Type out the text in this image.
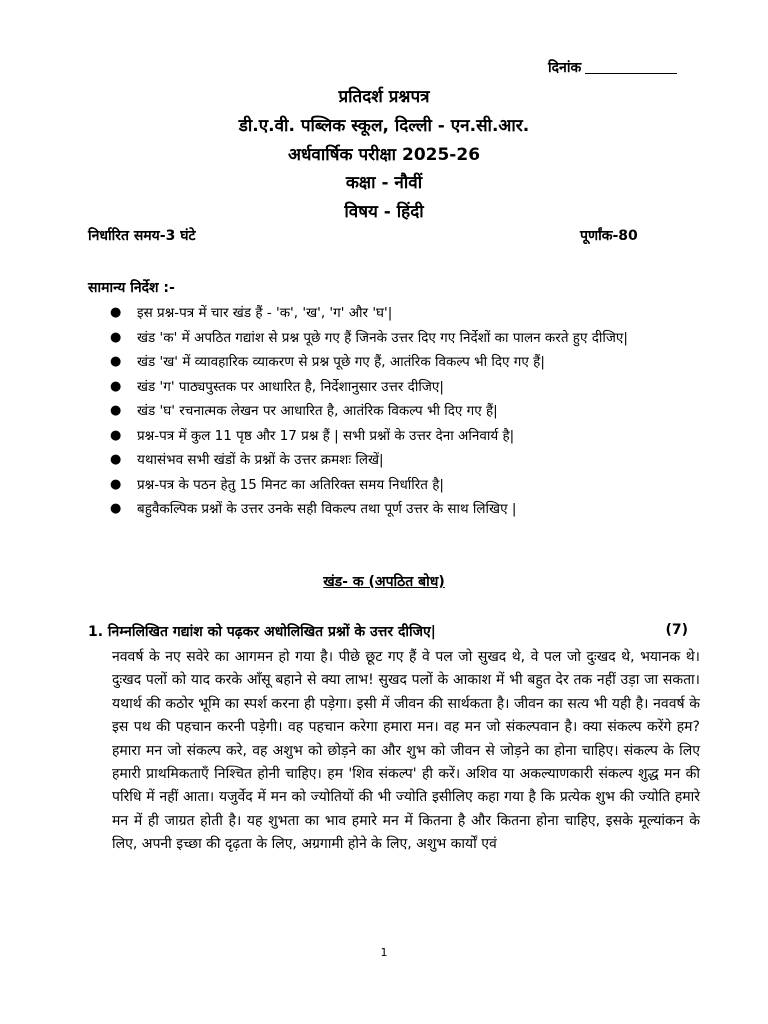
दिनांक
प्रतिदर्श प्रश्नपत्र
डी.ए.वी. पब्लिक स्कूल, दिल्ली - एन.सी.आर.
अर्धवार्षिक परीक्षा 2025-26
कक्षा - नौवीं
विषय - हिंदी
निर्धारित समय-3 घंटे	पूर्णांक-80
सामान्य निर्देश :-
● इस प्रश्न-पत्र में चार खंड हैं - 'क', 'ख', 'ग' और 'घ'|
● खंड 'क' में अपठित गद्यांश से प्रश्न पूछे गए हैं जिनके उत्तर दिए गए निर्देशों का पालन करते हुए दीजिए|
● खंड 'ख' में व्यावहारिक व्याकरण से प्रश्न पूछे गए हैं, आतंरिक विकल्प भी दिए गए हैं|
● खंड 'ग' पाठ्यपुस्तक पर आधारित है, निर्देशानुसार उत्तर दीजिए|
● खंड 'घ' रचनात्मक लेखन पर आधारित है, आतंरिक विकल्प भी दिए गए हैं|
● प्रश्न-पत्र में कुल 11 पृष्ठ और 17 प्रश्न हैं | सभी प्रश्नों के उत्तर देना अनिवार्य है|
● यथासंभव सभी खंडों के प्रश्नों के उत्तर क्रमशः लिखें|
● प्रश्न-पत्र के पठन हेतु 15 मिनट का अतिरिक्त समय निर्धारित है|
● बहुवैकल्पिक प्रश्नों के उत्तर उनके सही विकल्प तथा पूर्ण उत्तर के साथ लिखिए |
खंड- क (अपठित बोध)
1. निम्नलिखित गद्यांश को पढ़कर अधोलिखित प्रश्नों के उत्तर दीजिए|	(7)
नववर्ष के नए सवेरे का आगमन हो गया है। पीछे छूट गए हैं वे पल जो सुखद थे, वे पल जो दुःखद थे, भयानक थे। दुःखद पलों को याद करके आँसू बहाने से क्या लाभ! सुखद पलों के आकाश में भी बहुत देर तक नहीं उड़ा जा सकता। यथार्थ की कठोर भूमि का स्पर्श करना ही पड़ेगा। इसी में जीवन की सार्थकता है। जीवन का सत्य भी यही है। नववर्ष के इस पथ की पहचान करनी पड़ेगी। वह पहचान करेगा हमारा मन। वह मन जो संकल्पवान है। क्या संकल्प करेंगे हम? हमारा मन जो संकल्प करे, वह अशुभ को छोड़ने का और शुभ को जीवन से जोड़ने का होना चाहिए। संकल्प के लिए हमारी प्राथमिकताएँ निश्चित होनी चाहिए। हम 'शिव संकल्प' ही करें। अशिव या अकल्याणकारी संकल्प शुद्ध मन की परिधि में नहीं आता। यजुर्वेद में मन को ज्योतियों की भी ज्योति इसीलिए कहा गया है कि प्रत्येक शुभ की ज्योति हमारे मन में ही जाग्रत होती है। यह शुभता का भाव हमारे मन में कितना है और कितना होना चाहिए, इसके मूल्यांकन के लिए, अपनी इच्छा की दृढ़ता के लिए, अग्रगामी होने के लिए, अशुभ कार्यों एवं
1
